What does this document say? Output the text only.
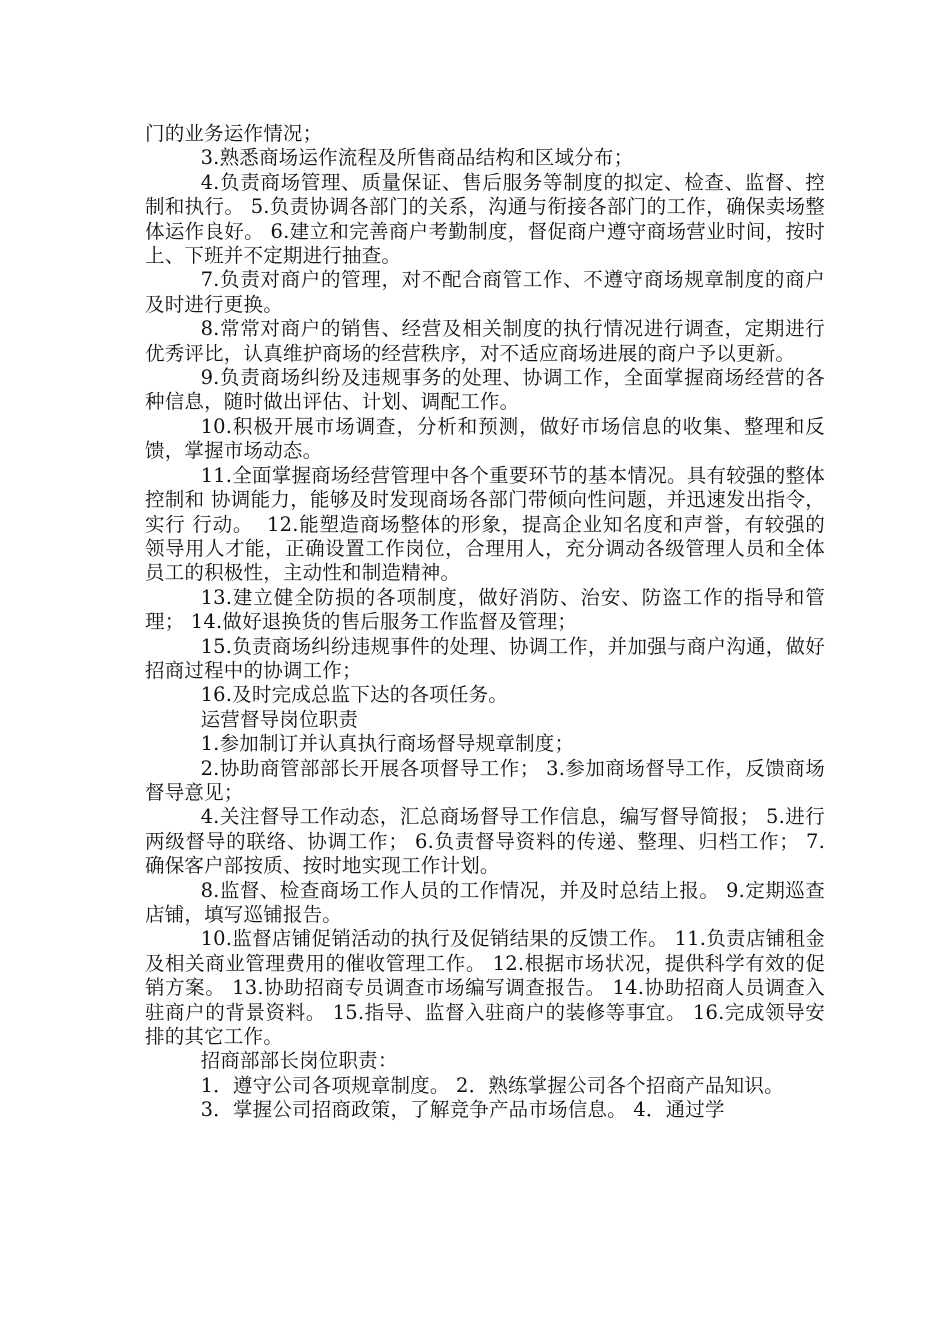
门的业务运作情况；

3.熟悉商场运作流程及所售商品结构和区域分布；

4.负责商场管理、质量保证、售后服务等制度的拟定、检查、监督、控制和执行。 5.负责协调各部门的关系，沟通与衔接各部门的工作，确保卖场整体运作良好。 6.建立和完善商户考勤制度，督促商户遵守商场营业时间，按时上、下班并不定期进行抽查。

7.负责对商户的管理，对不配合商管工作、不遵守商场规章制度的商户及时进行更换。

8.常常对商户的销售、经营及相关制度的执行情况进行调查，定期进行优秀评比，认真维护商场的经营秩序，对不适应商场进展的商户予以更新。

9.负责商场纠纷及违规事务的处理、协调工作，全面掌握商场经营的各种信息，随时做出评估、计划、调配工作。

10.积极开展市场调查，分析和预测，做好市场信息的收集、整理和反馈，掌握市场动态。

11.全面掌握商场经营管理中各个重要环节的基本情况。具有较强的整体控制和 协调能力，能够及时发现商场各部门带倾向性问题，并迅速发出指令，实行 行动。  12.能塑造商场整体的形象，提高企业知名度和声誉，有较强的领导用人才能，正确设置工作岗位，合理用人，充分调动各级管理人员和全体员工的积极性，主动性和制造精神。

13.建立健全防损的各项制度，做好消防、治安、防盗工作的指导和管理； 14.做好退换货的售后服务工作监督及管理；

15.负责商场纠纷违规事件的处理、协调工作，并加强与商户沟通，做好招商过程中的协调工作；

16.及时完成总监下达的各项任务。

运营督导岗位职责

1.参加制订并认真执行商场督导规章制度；

2.协助商管部部长开展各项督导工作； 3.参加商场督导工作，反馈商场督导意见；

4.关注督导工作动态，汇总商场督导工作信息，编写督导简报； 5.进行两级督导的联络、协调工作； 6.负责督导资料的传递、整理、归档工作； 7.确保客户部按质、按时地实现工作计划。

8.监督、检查商场工作人员的工作情况，并及时总结上报。 9.定期巡查店铺，填写巡铺报告。

10.监督店铺促销活动的执行及促销结果的反馈工作。 11.负责店铺租金及相关商业管理费用的催收管理工作。 12.根据市场状况，提供科学有效的促销方案。 13.协助招商专员调查市场编写调查报告。 14.协助招商人员调查入驻商户的背景资料。 15.指导、监督入驻商户的装修等事宜。 16.完成领导安排的其它工作。

招商部部长岗位职责：

1．遵守公司各项规章制度。 2．熟练掌握公司各个招商产品知识。

3．掌握公司招商政策，了解竞争产品市场信息。 4．通过学
